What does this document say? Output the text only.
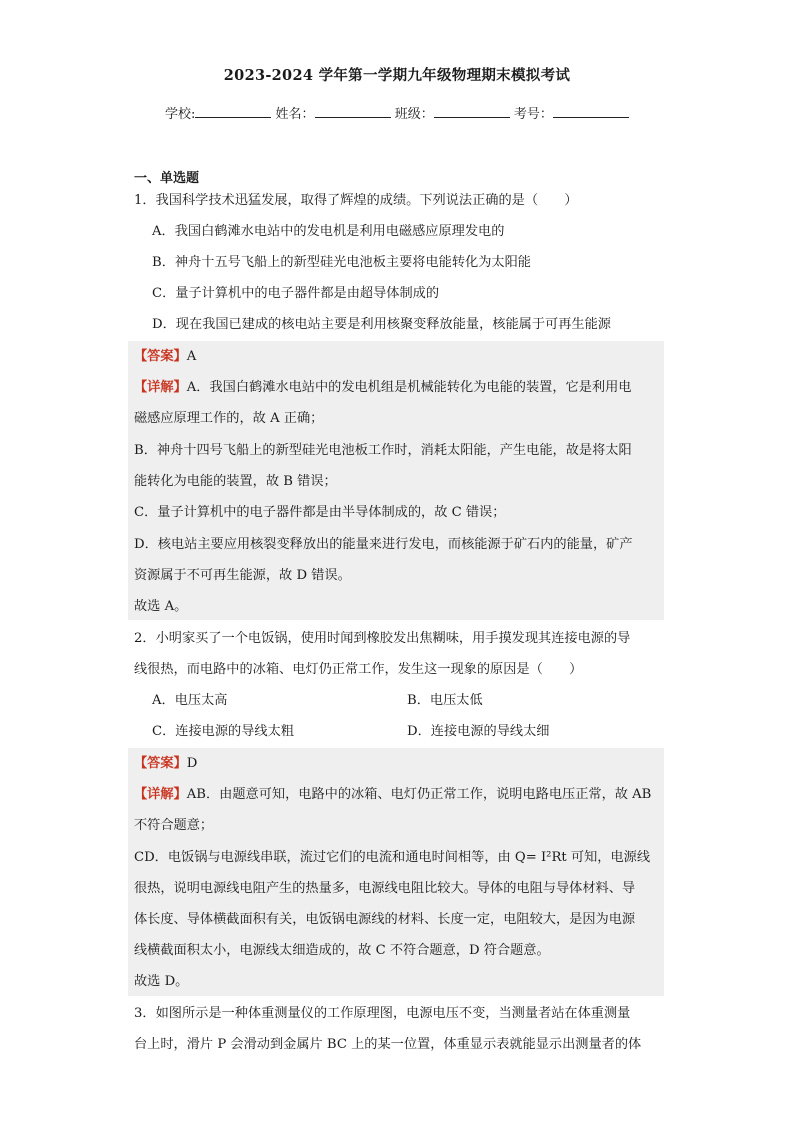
2023-2024 学年第一学期九年级物理期末模拟考试
学校:	姓名：	班级：	考号：
一、单选题
1．我国科学技术迅猛发展，取得了辉煌的成绩。下列说法正确的是（　　）
A．我国白鹤滩水电站中的发电机是利用电磁感应原理发电的
B．神舟十五号飞船上的新型硅光电池板主要将电能转化为太阳能
C．量子计算机中的电子器件都是由超导体制成的
D．现在我国已建成的核电站主要是利用核聚变释放能量，核能属于可再生能源
【答案】A
【详解】A．我国白鹤滩水电站中的发电机组是机械能转化为电能的装置，它是利用电
磁感应原理工作的，故 A 正确；
B．神舟十四号飞船上的新型硅光电池板工作时，消耗太阳能，产生电能，故是将太阳
能转化为电能的装置，故 B 错误；
C．量子计算机中的电子器件都是由半导体制成的，故 C 错误；
D．核电站主要应用核裂变释放出的能量来进行发电，而核能源于矿石内的能量，矿产
资源属于不可再生能源，故 D 错误。
故选 A。
2．小明家买了一个电饭锅，使用时闻到橡胶发出焦糊味，用手摸发现其连接电源的导
线很热，而电路中的冰箱、电灯仍正常工作，发生这一现象的原因是（　　）
A．电压太高	B．电压太低
C．连接电源的导线太粗	D．连接电源的导线太细
【答案】D
【详解】AB．由题意可知，电路中的冰箱、电灯仍正常工作，说明电路电压正常，故 AB
不符合题意；
CD．电饭锅与电源线串联，流过它们的电流和通电时间相等，由 Q= I²Rt 可知，电源线
很热，说明电源线电阻产生的热量多，电源线电阻比较大。导体的电阻与导体材料、导
体长度、导体横截面积有关，电饭锅电源线的材料、长度一定，电阻较大，是因为电源
线横截面积太小，电源线太细造成的，故 C 不符合题意，D 符合题意。
故选 D。
3．如图所示是一种体重测量仪的工作原理图，电源电压不变，当测量者站在体重测量
台上时，滑片 P 会滑动到金属片 BC 上的某一位置，体重显示表就能显示出测量者的体
